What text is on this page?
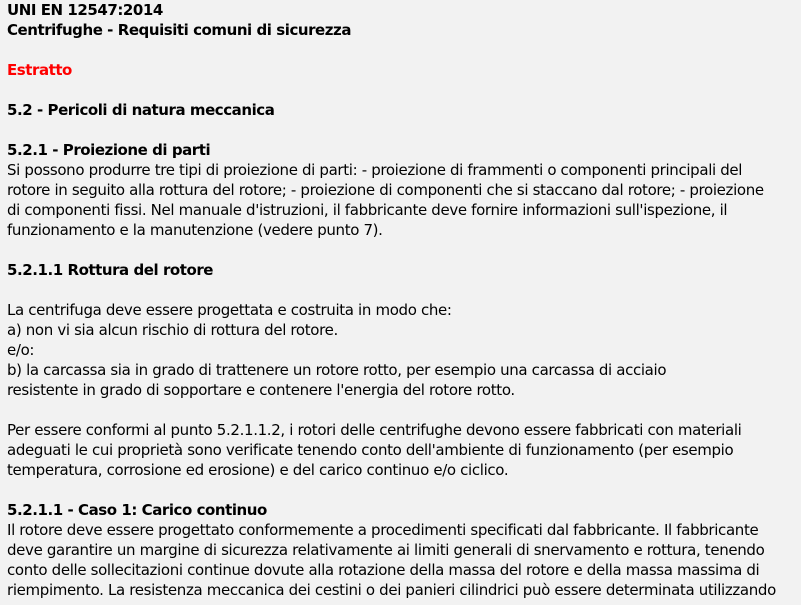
UNI EN 12547:2014
Centrifughe - Requisiti comuni di sicurezza
Estratto
5.2 - Pericoli di natura meccanica
5.2.1 - Proiezione di parti
Si possono produrre tre tipi di proiezione di parti: - proiezione di frammenti o componenti principali del
rotore in seguito alla rottura del rotore; - proiezione di componenti che si staccano dal rotore; - proiezione
di componenti fissi. Nel manuale d'istruzioni, il fabbricante deve fornire informazioni sull'ispezione, il
funzionamento e la manutenzione (vedere punto 7).
5.2.1.1 Rottura del rotore
La centrifuga deve essere progettata e costruita in modo che:
a) non vi sia alcun rischio di rottura del rotore.
e/o:
b) la carcassa sia in grado di trattenere un rotore rotto, per esempio una carcassa di acciaio
resistente in grado di sopportare e contenere l'energia del rotore rotto.
Per essere conformi al punto 5.2.1.1.2, i rotori delle centrifughe devono essere fabbricati con materiali
adeguati le cui proprietà sono verificate tenendo conto dell'ambiente di funzionamento (per esempio
temperatura, corrosione ed erosione) e del carico continuo e/o ciclico.
5.2.1.1 - Caso 1: Carico continuo
Il rotore deve essere progettato conformemente a procedimenti specificati dal fabbricante. Il fabbricante
deve garantire un margine di sicurezza relativamente ai limiti generali di snervamento e rottura, tenendo
conto delle sollecitazioni continue dovute alla rotazione della massa del rotore e della massa massima di
riempimento. La resistenza meccanica dei cestini o dei panieri cilindrici può essere determinata utilizzando
